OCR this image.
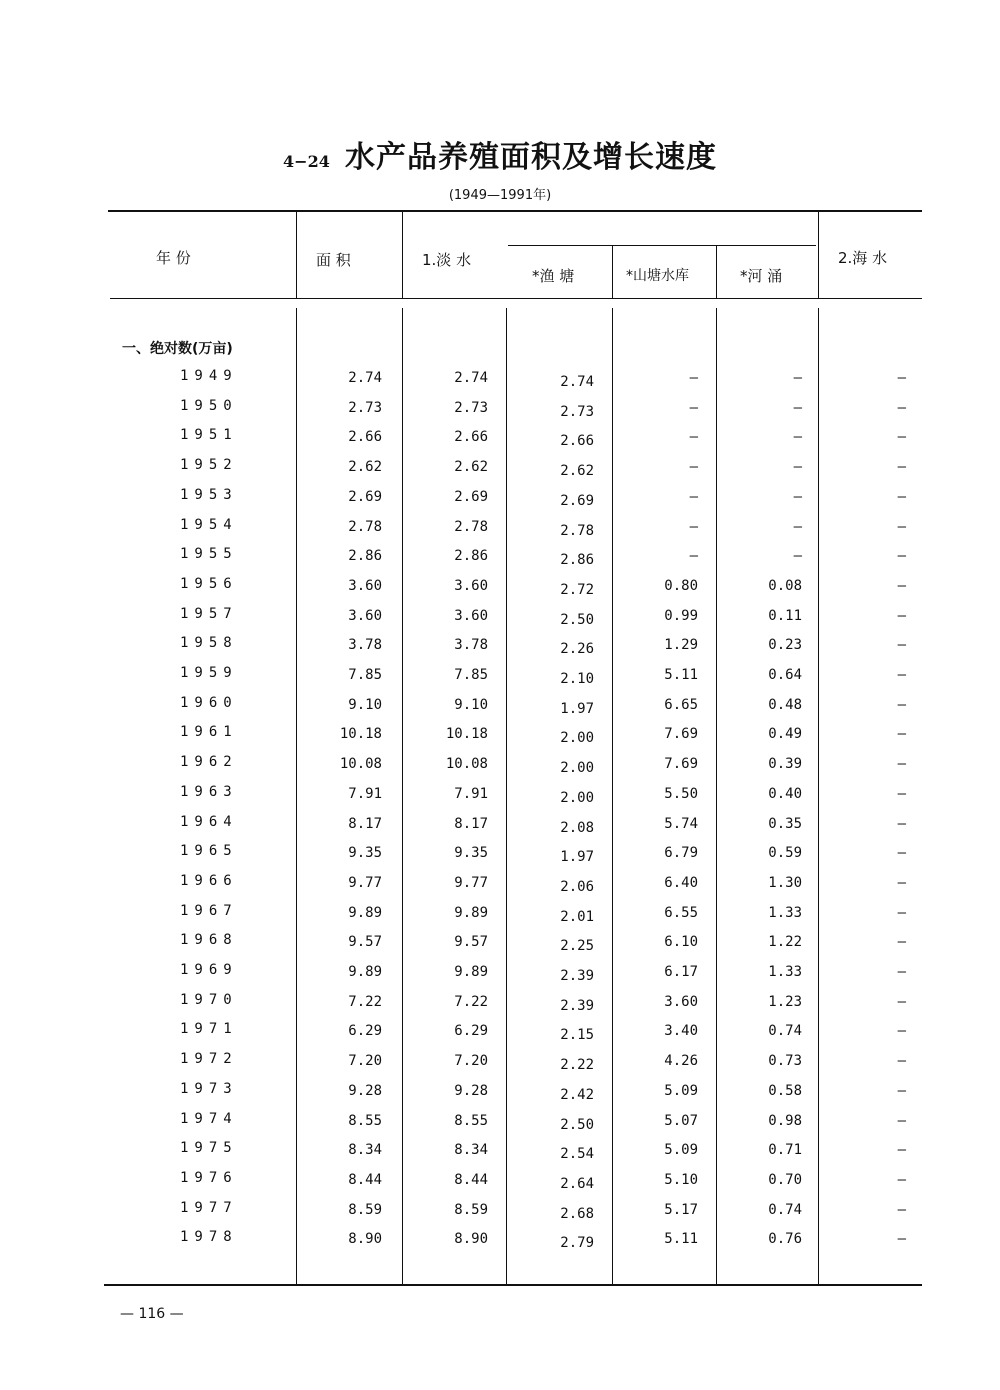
4−24 水产品养殖面积及增长速度
(1949—1991年)
年 份	面 积	1.淡 水
*渔 塘	*山塘水库	*河 涌
2.海 水
一、绝对数(万亩)
1949	2.74	2.74	2.74	—	—	—
1950	2.73	2.73	2.73	—	—	—
1951	2.66	2.66	2.66	—	—	—
1952	2.62	2.62	2.62	—	—	—
1953	2.69	2.69	2.69	—	—	—
1954	2.78	2.78	2.78	—	—	—
1955	2.86	2.86	2.86	—	—	—
1956	3.60	3.60	2.72	0.80	0.08	—
1957	3.60	3.60	2.50	0.99	0.11	—
1958	3.78	3.78	2.26	1.29	0.23	—
1959	7.85	7.85	2.10	5.11	0.64	—
1960	9.10	9.10	1.97	6.65	0.48	—
1961	10.18	10.18	2.00	7.69	0.49	—
1962	10.08	10.08	2.00	7.69	0.39	—
1963	7.91	7.91	2.00	5.50	0.40	—
1964	8.17	8.17	2.08	5.74	0.35	—
1965	9.35	9.35	1.97	6.79	0.59	—
1966	9.77	9.77	2.06	6.40	1.30	—
1967	9.89	9.89	2.01	6.55	1.33	—
1968	9.57	9.57	2.25	6.10	1.22	—
1969	9.89	9.89	2.39	6.17	1.33	—
1970	7.22	7.22	2.39	3.60	1.23	—
1971	6.29	6.29	2.15	3.40	0.74	—
1972	7.20	7.20	2.22	4.26	0.73	—
1973	9.28	9.28	2.42	5.09	0.58	—
1974	8.55	8.55	2.50	5.07	0.98	—
1975	8.34	8.34	2.54	5.09	0.71	—
1976	8.44	8.44	2.64	5.10	0.70	—
1977	8.59	8.59	2.68	5.17	0.74	—
1978	8.90	8.90	2.79	5.11	0.76	—
— 116 —
